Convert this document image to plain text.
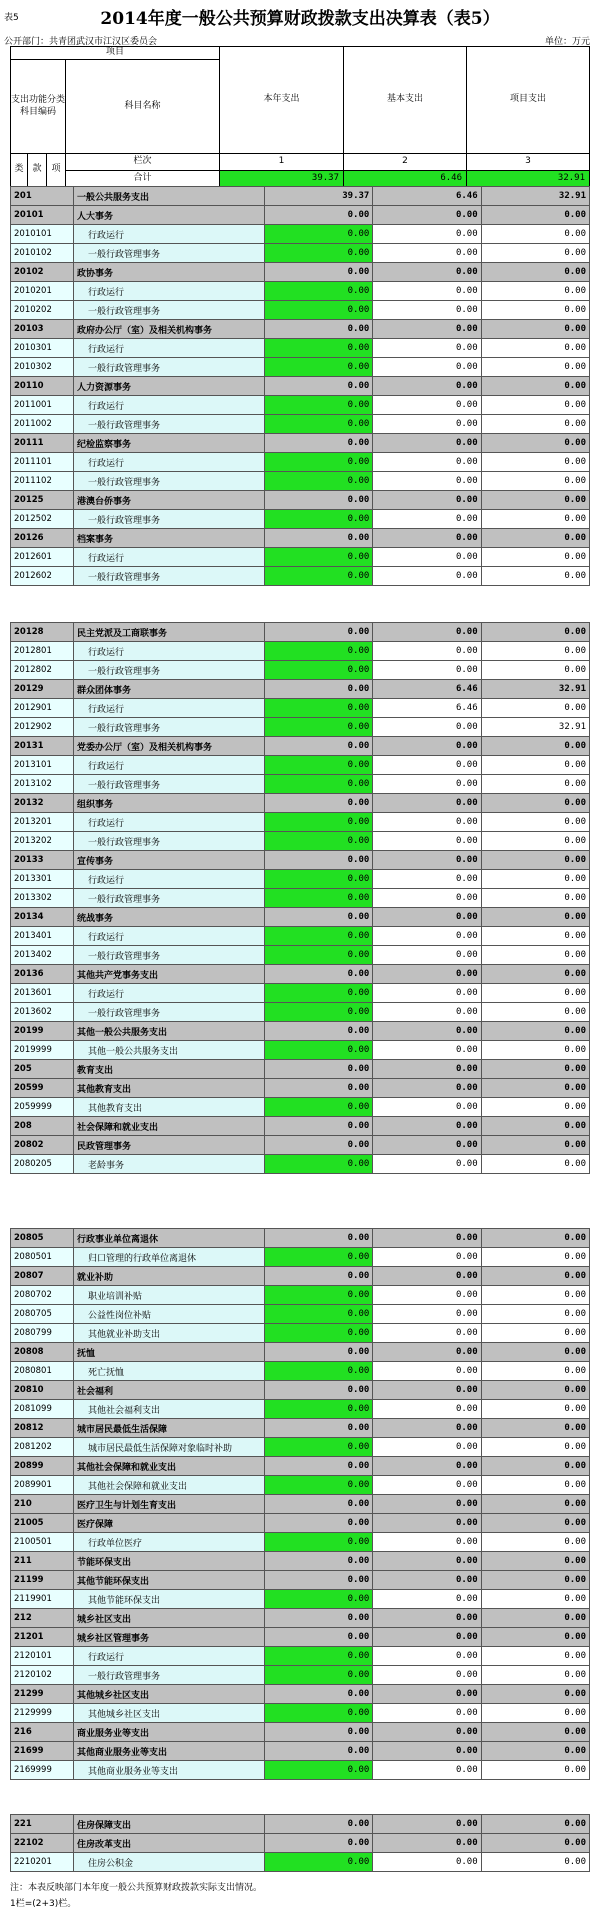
表5	2014年度一般公共预算财政拨款支出决算表（表5）
公开部门：共青团武汉市江汉区委员会	单位：万元
项目
支出功能分类科目编码
科目名称
本年支出	基本支出	项目支出
类 款	项
栏次
合计
1	2	3
39.37	6.46	32.91
201	一般公共服务支出	39.37	6.46	32.91
20101	人大事务	0.00	0.00	0.00
2010101	行政运行	0.00	0.00	0.00
2010102	一般行政管理事务	0.00	0.00	0.00
20102	政协事务	0.00	0.00	0.00
2010201	行政运行	0.00	0.00	0.00
2010202	一般行政管理事务	0.00	0.00	0.00
20103	政府办公厅（室）及相关机构事务	0.00	0.00	0.00
2010301	行政运行	0.00	0.00	0.00
2010302	一般行政管理事务	0.00	0.00	0.00
20110	人力资源事务	0.00	0.00	0.00
2011001	行政运行	0.00	0.00	0.00
2011002	一般行政管理事务	0.00	0.00	0.00
20111	纪检监察事务	0.00	0.00	0.00
2011101	行政运行	0.00	0.00	0.00
2011102	一般行政管理事务	0.00	0.00	0.00
20125	港澳台侨事务	0.00	0.00	0.00
2012502	一般行政管理事务	0.00	0.00	0.00
20126	档案事务	0.00	0.00	0.00
2012601	行政运行	0.00	0.00	0.00
2012602	一般行政管理事务	0.00	0.00	0.00
20128	民主党派及工商联事务	0.00	0.00	0.00
2012801	行政运行	0.00	0.00	0.00
2012802	一般行政管理事务	0.00	0.00	0.00
20129	群众团体事务	0.00	6.46	32.91
2012901	行政运行	0.00	6.46	0.00
2012902	一般行政管理事务	0.00	0.00	32.91
20131	党委办公厅（室）及相关机构事务	0.00	0.00	0.00
2013101	行政运行	0.00	0.00	0.00
2013102	一般行政管理事务	0.00	0.00	0.00
20132	组织事务	0.00	0.00	0.00
2013201	行政运行	0.00	0.00	0.00
2013202	一般行政管理事务	0.00	0.00	0.00
20133	宣传事务	0.00	0.00	0.00
2013301	行政运行	0.00	0.00	0.00
2013302	一般行政管理事务	0.00	0.00	0.00
20134	统战事务	0.00	0.00	0.00
2013401	行政运行	0.00	0.00	0.00
2013402	一般行政管理事务	0.00	0.00	0.00
20136	其他共产党事务支出	0.00	0.00	0.00
2013601	行政运行	0.00	0.00	0.00
2013602	一般行政管理事务	0.00	0.00	0.00
20199	其他一般公共服务支出	0.00	0.00	0.00
2019999	其他一般公共服务支出	0.00	0.00	0.00
205	教育支出	0.00	0.00	0.00
20599	其他教育支出	0.00	0.00	0.00
2059999	其他教育支出	0.00	0.00	0.00
208	社会保障和就业支出	0.00	0.00	0.00
20802	民政管理事务	0.00	0.00	0.00
2080205	老龄事务	0.00	0.00	0.00
20805	行政事业单位离退休	0.00	0.00	0.00
2080501	归口管理的行政单位离退休	0.00	0.00	0.00
20807	就业补助	0.00	0.00	0.00
2080702	职业培训补贴	0.00	0.00	0.00
2080705	公益性岗位补贴	0.00	0.00	0.00
2080799	其他就业补助支出	0.00	0.00	0.00
20808	抚恤	0.00	0.00	0.00
2080801	死亡抚恤	0.00	0.00	0.00
20810	社会福利	0.00	0.00	0.00
2081099	其他社会福利支出	0.00	0.00	0.00
20812	城市居民最低生活保障	0.00	0.00	0.00
2081202	城市居民最低生活保障对象临时补助	0.00	0.00	0.00
20899	其他社会保障和就业支出	0.00	0.00	0.00
2089901	其他社会保障和就业支出	0.00	0.00	0.00
210	医疗卫生与计划生育支出	0.00	0.00	0.00
21005	医疗保障	0.00	0.00	0.00
2100501	行政单位医疗	0.00	0.00	0.00
211	节能环保支出	0.00	0.00	0.00
21199	其他节能环保支出	0.00	0.00	0.00
2119901	其他节能环保支出	0.00	0.00	0.00
212	城乡社区支出	0.00	0.00	0.00
21201	城乡社区管理事务	0.00	0.00	0.00
2120101	行政运行	0.00	0.00	0.00
2120102	一般行政管理事务	0.00	0.00	0.00
21299	其他城乡社区支出	0.00	0.00	0.00
2129999	其他城乡社区支出	0.00	0.00	0.00
216	商业服务业等支出	0.00	0.00	0.00
21699	其他商业服务业等支出	0.00	0.00	0.00
2169999	其他商业服务业等支出	0.00	0.00	0.00
221	住房保障支出	0.00	0.00	0.00
22102	住房改革支出	0.00	0.00	0.00
2210201	住房公积金	0.00	0.00	0.00
注：本表反映部门本年度一般公共预算财政拨款实际支出情况。
1栏=(2+3)栏。
